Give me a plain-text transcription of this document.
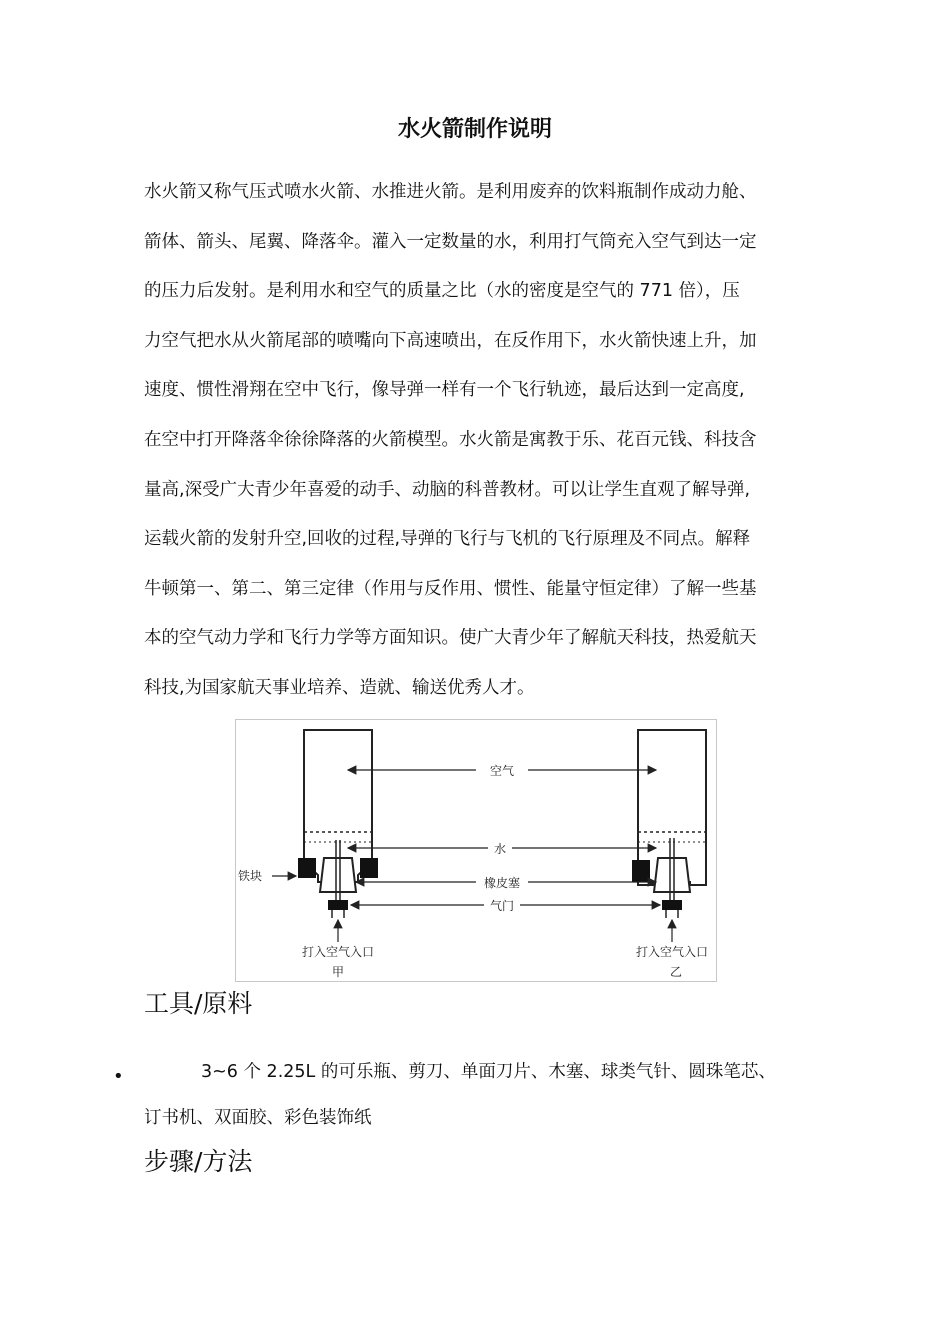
水火箭制作说明
水火箭又称气压式喷水火箭、水推进火箭。是利用废弃的饮料瓶制作成动力舱、
箭体、箭头、尾翼、降落伞。灌入一定数量的水，利用打气筒充入空气到达一定
的压力后发射。是利用水和空气的质量之比（水的密度是空气的 771 倍），压
力空气把水从火箭尾部的喷嘴向下高速喷出，在反作用下，水火箭快速上升，加
速度、惯性滑翔在空中飞行，像导弹一样有一个飞行轨迹，最后达到一定高度,
在空中打开降落伞徐徐降落的火箭模型。水火箭是寓教于乐、花百元钱、科技含
量高,深受广大青少年喜爱的动手、动脑的科普教材。可以让学生直观了解导弹,
运载火箭的发射升空,回收的过程,导弹的飞行与飞机的飞行原理及不同点。解释
牛顿第一、第二、第三定律（作用与反作用、惯性、能量守恒定律）了解一些基
本的空气动力学和飞行力学等方面知识。使广大青少年了解航天科技，热爱航天
科技,为国家航天事业培养、造就、输送优秀人才。
空气
水
橡皮塞
气门
铁块
打入空气入口	打入空气入口
甲	乙
工具/原料
•	3~6 个 2.25L 的可乐瓶、剪刀、单面刀片、木塞、球类气针、圆珠笔芯、
订书机、双面胶、彩色装饰纸
步骤/方法
